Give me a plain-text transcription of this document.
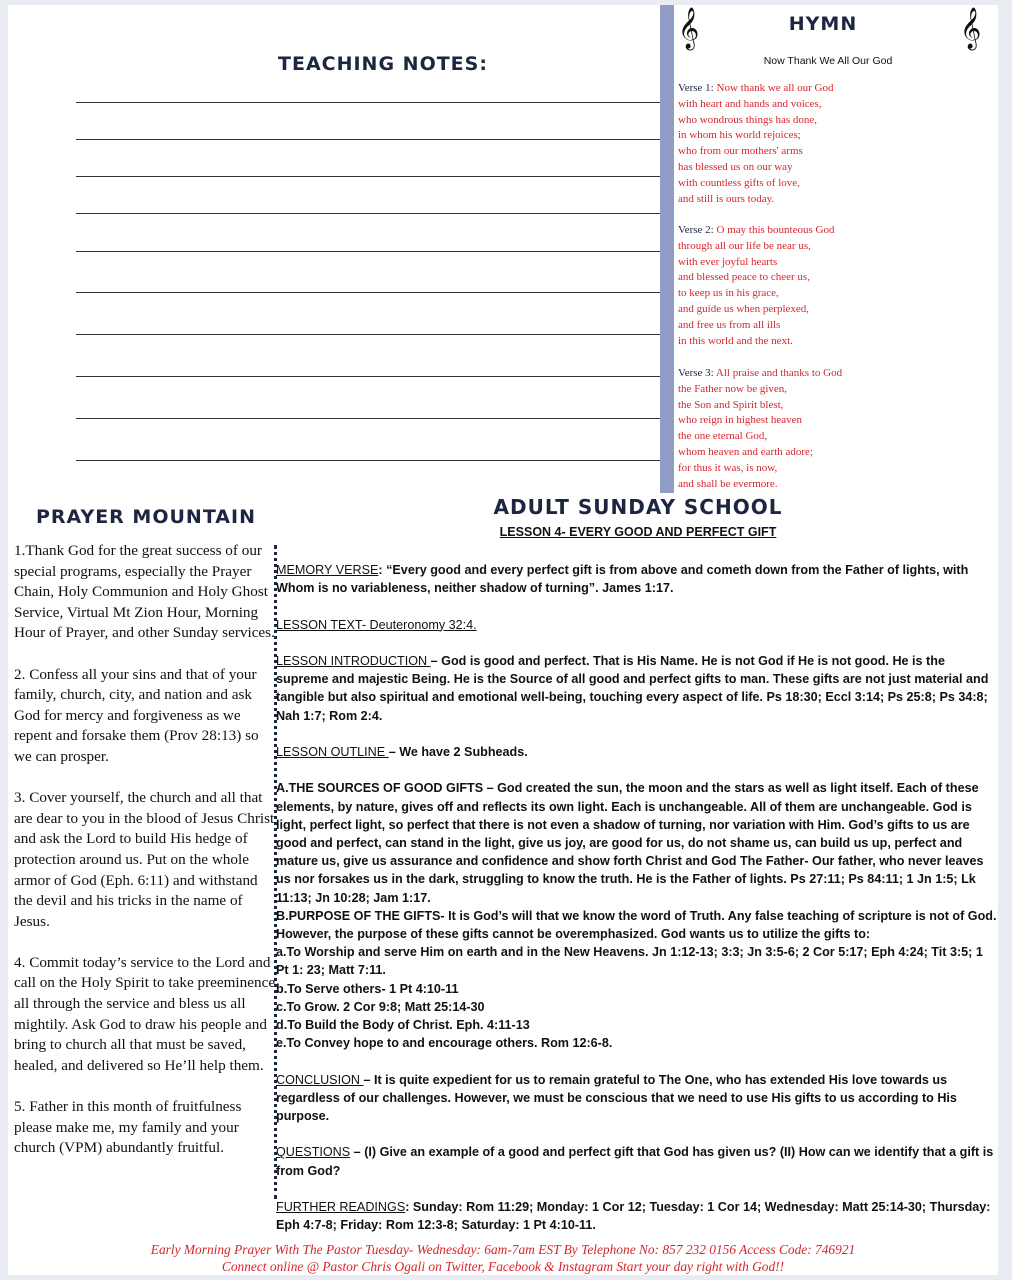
TEACHING NOTES:
𝄞	𝄞
HYMN
Now Thank We All Our God
Verse 1: Now thank we all our God
with heart and hands and voices,
who wondrous things has done,
in whom his world rejoices;
who from our mothers' arms
has blessed us on our way
with countless gifts of love,
and still is ours today.
Verse 2: O may this bounteous God
through all our life be near us,
with ever joyful hearts
and blessed peace to cheer us,
to keep us in his grace,
and guide us when perplexed,
and free us from all ills
in this world and the next.
Verse 3: All praise and thanks to God
the Father now be given,
the Son and Spirit blest,
who reign in highest heaven
the one eternal God,
whom heaven and earth adore;
for thus it was, is now,
and shall be evermore.
PRAYER MOUNTAIN

1.Thank God for the great success of our special programs, especially the Prayer Chain, Holy Communion and Holy Ghost Service, Virtual Mt Zion Hour, Morning Hour of Prayer, and other Sunday services.

2. Confess all your sins and that of your family, church, city, and nation and ask God for mercy and forgiveness as we repent and forsake them (Prov 28:13) so we can prosper.

3. Cover yourself, the church and all that are dear to you in the blood of Jesus Christ and ask the Lord to build His hedge of protection around us. Put on the whole armor of God (Eph. 6:11) and withstand the devil and his tricks in the name of Jesus.

4. Commit today’s service to the Lord and call on the Holy Spirit to take preeminence all through the service and bless us all mightily. Ask God to draw his people and bring to church all that must be saved, healed, and delivered so He’ll help them.

5. Father in this month of fruitfulness please make me, my family and your church (VPM) abundantly fruitful.

ADULT SUNDAY SCHOOL
LESSON 4- EVERY GOOD AND PERFECT GIFT

MEMORY VERSE: “Every good and every perfect gift is from above and cometh down from the Father of lights, with Whom is no variableness, neither shadow of turning”. James 1:17.

LESSON TEXT- Deuteronomy 32:4.

LESSON INTRODUCTION – God is good and perfect. That is His Name. He is not God if He is not good. He is the supreme and majestic Being. He is the Source of all good and perfect gifts to man. These gifts are not just material and tangible but also spiritual and emotional well-being, touching every aspect of life. Ps 18:30; Eccl 3:14; Ps 25:8; Ps 34:8; Nah 1:7; Rom 2:4.

LESSON OUTLINE – We have 2 Subheads.

A.THE SOURCES OF GOOD GIFTS – God created the sun, the moon and the stars as well as light itself. Each of these elements, by nature, gives off and reflects its own light. Each is unchangeable. All of them are unchangeable. God is light, perfect light, so perfect that there is not even a shadow of turning, nor variation with Him. God’s gifts to us are good and perfect, can stand in the light, give us joy, are good for us, do not shame us, can build us up, perfect and mature us, give us assurance and confidence and show forth Christ and God The Father- Our father, who never leaves us nor forsakes us in the dark, struggling to know the truth. He is the Father of lights. Ps 27:11; Ps 84:11; 1 Jn 1:5; Lk 11:13; Jn 10:28; Jam 1:17.

B.PURPOSE OF THE GIFTS- It is God’s will that we know the word of Truth. Any false teaching of scripture is not of God. However, the purpose of these gifts cannot be overemphasized. God wants us to utilize the gifts to:

a.To Worship and serve Him on earth and in the New Heavens. Jn 1:12-13; 3:3; Jn 3:5-6; 2 Cor 5:17; Eph 4:24; Tit 3:5; 1 Pt 1: 23; Matt 7:11.

b.To Serve others- 1 Pt 4:10-11

c.To Grow. 2 Cor 9:8; Matt 25:14-30

d.To Build the Body of Christ. Eph. 4:11-13

e.To Convey hope to and encourage others. Rom 12:6-8.

CONCLUSION – It is quite expedient for us to remain grateful to The One, who has extended His love towards us regardless of our challenges. However, we must be conscious that we need to use His gifts to us according to His purpose.

QUESTIONS – (I) Give an example of a good and perfect gift that God has given us? (II) How can we identify that a gift is from God?

FURTHER READINGS: Sunday: Rom 11:29; Monday: 1 Cor 12; Tuesday: 1 Cor 14; Wednesday: Matt 25:14-30; Thursday: Eph 4:7-8; Friday: Rom 12:3-8; Saturday: 1 Pt 4:10-11.

Early Morning Prayer With The Pastor Tuesday- Wednesday: 6am-7am EST By Telephone No: 857 232 0156 Access Code: 746921
Connect online @ Pastor Chris Ogali on Twitter, Facebook & Instagram Start your day right with God!!
